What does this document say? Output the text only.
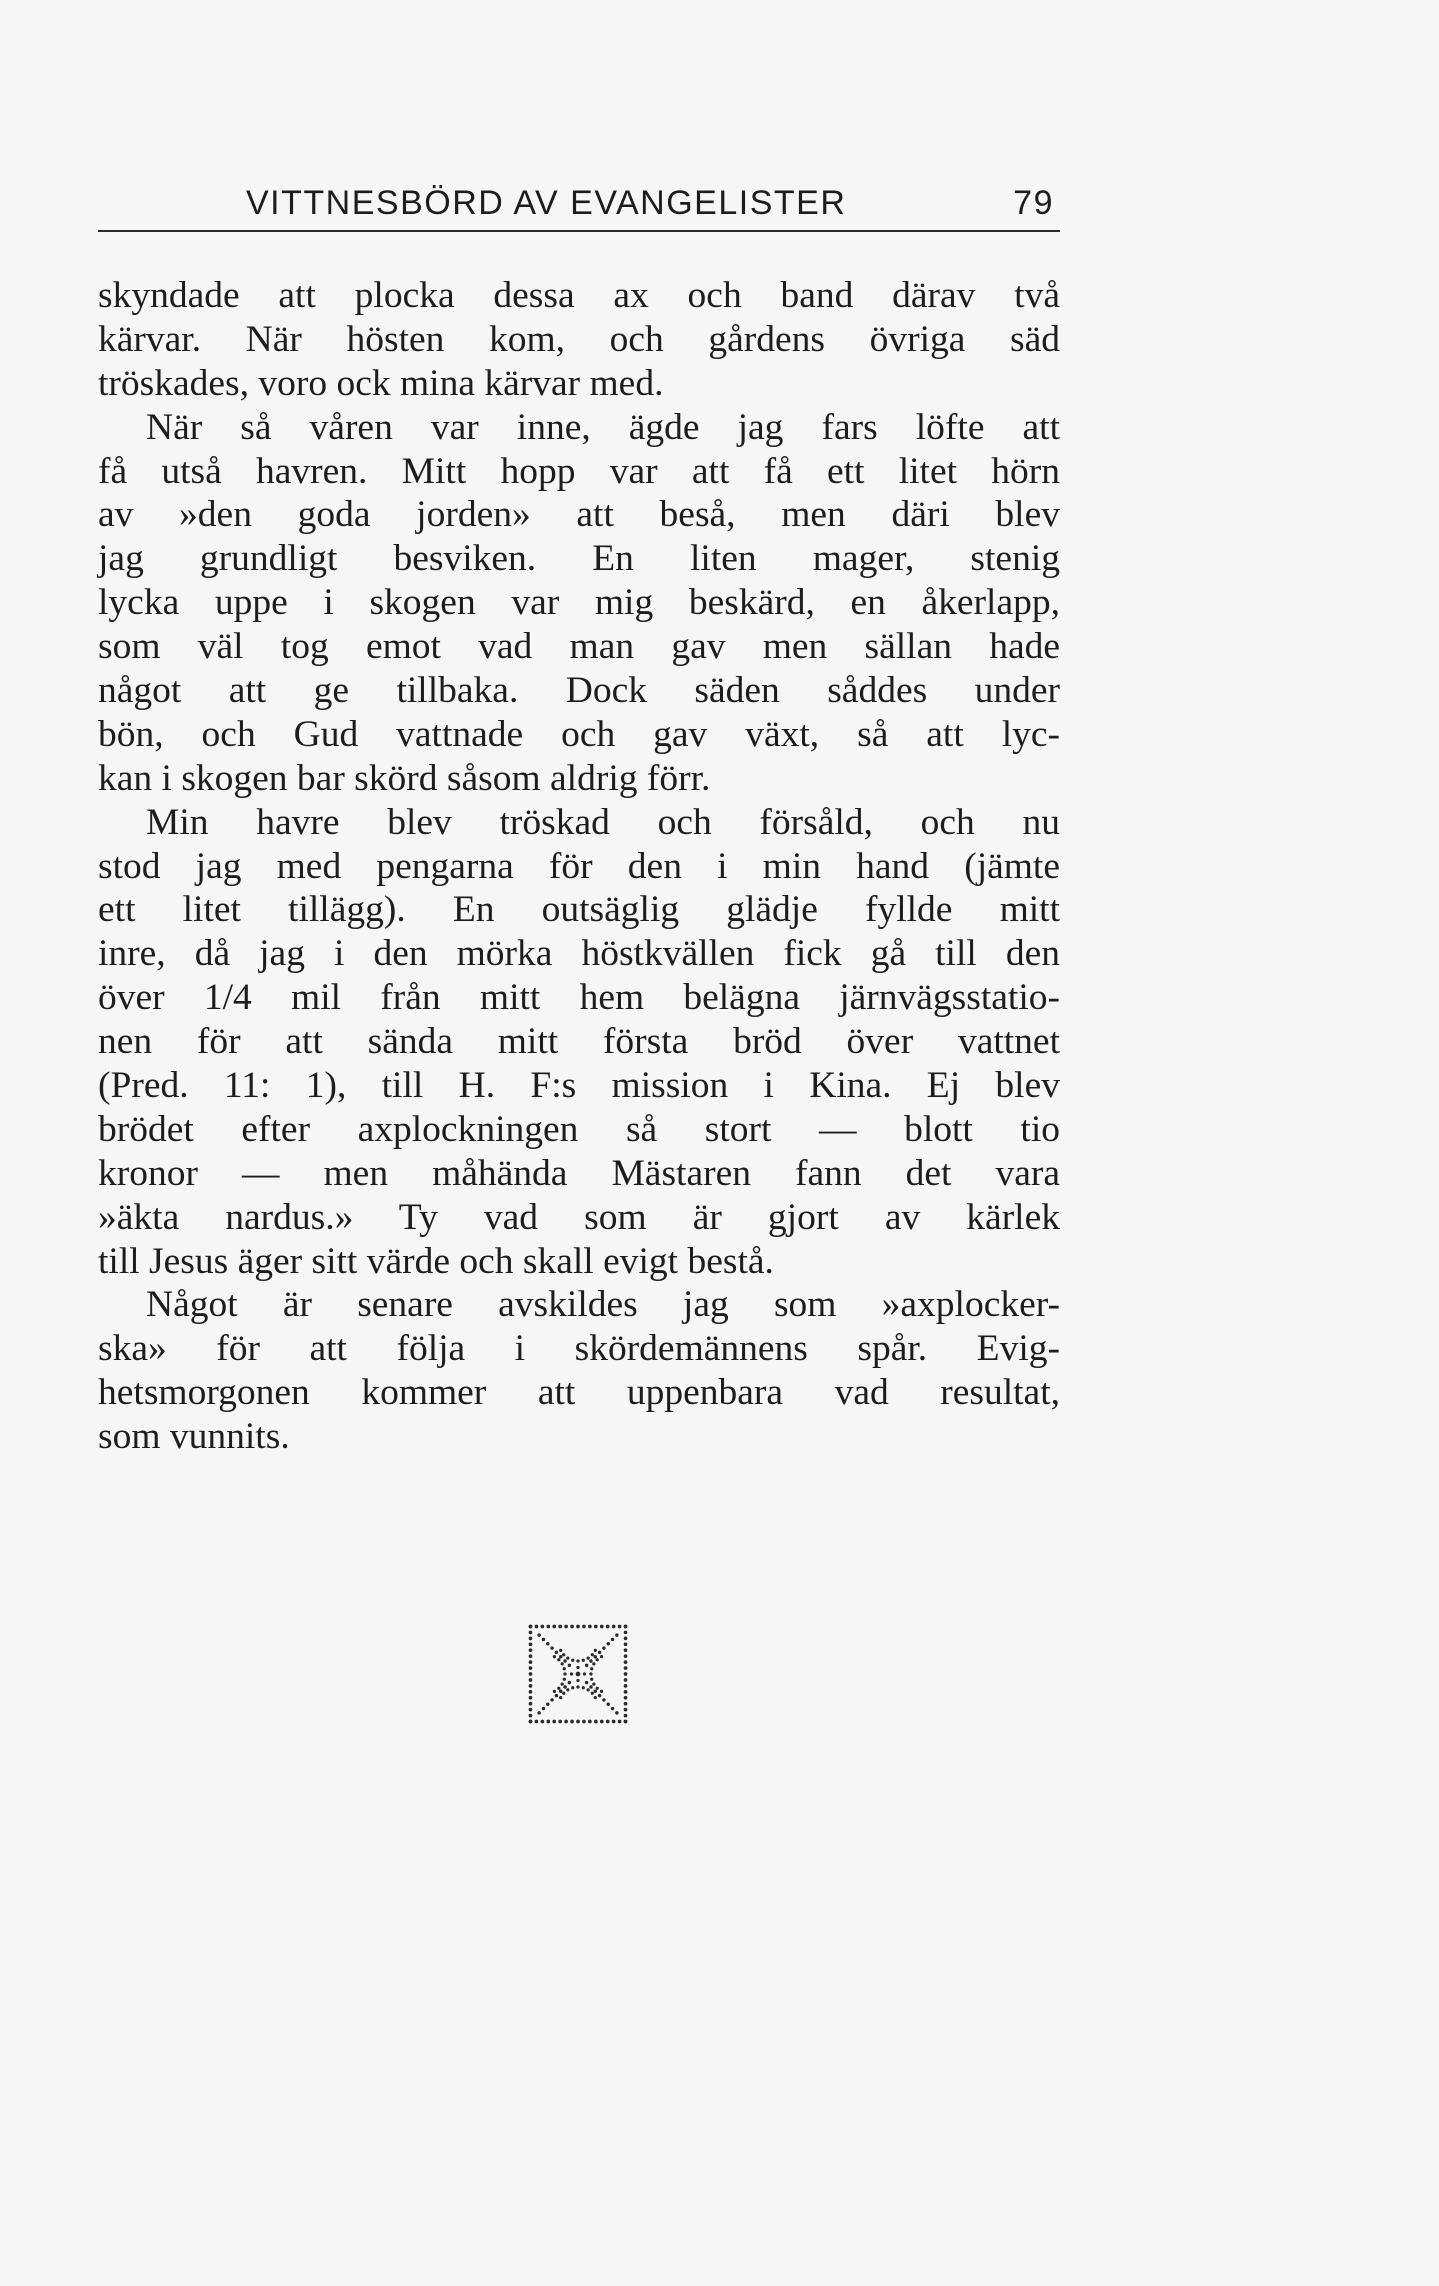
VITTNESBÖRD AV EVANGELISTER	79
skyndade att plocka dessa ax och band därav två
kärvar. När hösten kom, och gårdens övriga säd
tröskades, voro ock mina kärvar med.
När så våren var inne, ägde jag fars löfte att
få utså havren. Mitt hopp var att få ett litet hörn
av »den goda jorden» att beså, men däri blev
jag grundligt besviken. En liten mager, stenig
lycka uppe i skogen var mig beskärd, en åkerlapp,
som väl tog emot vad man gav men sällan hade
något att ge tillbaka. Dock säden såddes under
bön, och Gud vattnade och gav växt, så att lyc-
kan i skogen bar skörd såsom aldrig förr.
Min havre blev tröskad och försåld, och nu
stod jag med pengarna för den i min hand (jämte
ett litet tillägg). En outsäglig glädje fyllde mitt
inre, då jag i den mörka höstkvällen fick gå till den
över 1/4 mil från mitt hem belägna järnvägsstatio-
nen för att sända mitt första bröd över vattnet
(Pred. 11: 1), till H. F:s mission i Kina. Ej blev
brödet efter axplockningen så stort — blott tio
kronor — men måhända Mästaren fann det vara
»äkta nardus.» Ty vad som är gjort av kärlek
till Jesus äger sitt värde och skall evigt bestå.
Något är senare avskildes jag som »axplocker-
ska» för att följa i skördemännens spår. Evig-
hetsmorgonen kommer att uppenbara vad resultat,
som vunnits.
